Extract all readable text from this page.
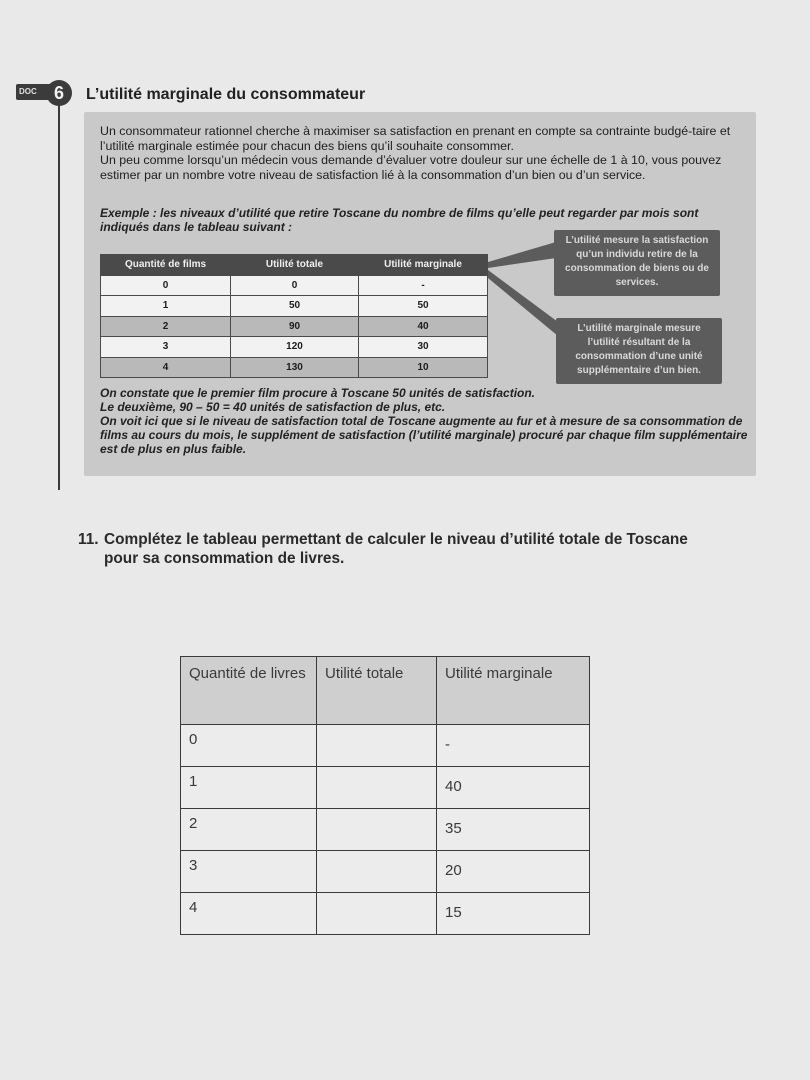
DOC 6	L’utilité marginale du consommateur

Un consommateur rationnel cherche à maximiser sa satisfaction en prenant en compte sa contrainte budgé-taire et l’utilité marginale estimée pour chacun des biens qu’il souhaite consommer.

Un peu comme lorsqu’un médecin vous demande d’évaluer votre douleur sur une échelle de 1 à 10, vous pouvez estimer par un nombre votre niveau de satisfaction lié à la consommation d’un bien ou d’un service.

Exemple : les niveaux d’utilité que retire Toscane du nombre de films qu’elle peut regarder par mois sont indiqués dans le tableau suivant :
Quantité de films	Utilité totale	Utilité marginale
0	0	-
1	50	50
2	90	40
3	120	30
4	130	10
L’utilité mesure la satisfaction qu’un individu retire de la consommation de biens ou de services.
L’utilité marginale mesure l’utilité résultant de la consommation d’une unité supplémentaire d’un bien.
On constate que le premier film procure à Toscane 50 unités de satisfaction.
Le deuxième, 90 – 50 = 40 unités de satisfaction de plus, etc.
On voit ici que si le niveau de satisfaction total de Toscane augmente au fur et à mesure de sa consommation de films au cours du mois, le supplément de satisfaction (l’utilité marginale) procuré par chaque film supplémentaire est de plus en plus faible.
11. Complétez le tableau permettant de calculer le niveau d’utilité totale de Toscane
pour sa consommation de livres.
Quantité de livres	Utilité totale	Utilité marginale
0		-
1		40
2		35
3		20
4		15
